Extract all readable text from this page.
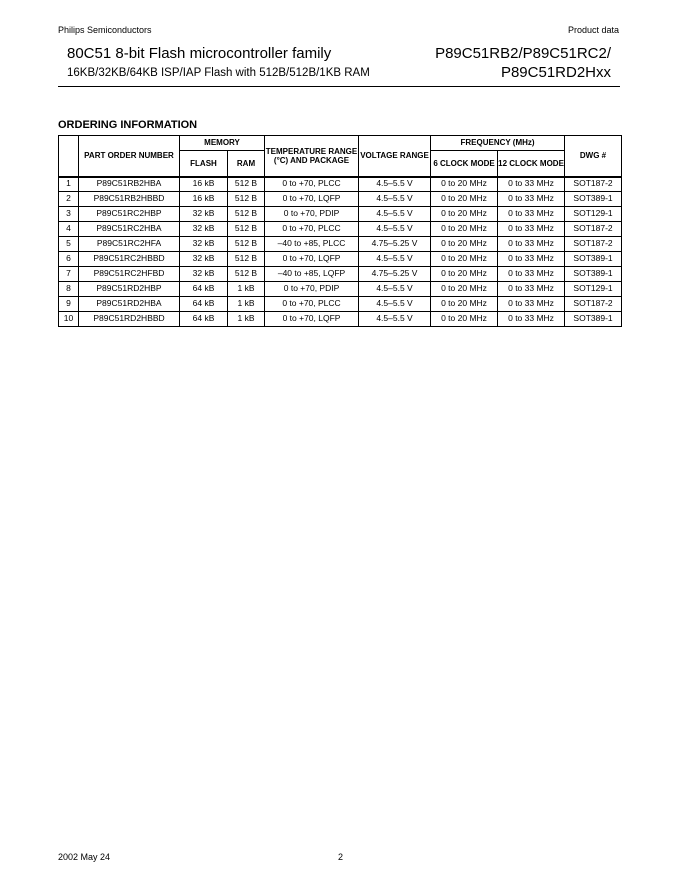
Philips Semiconductors	Product data
80C51 8-bit Flash microcontroller family
16KB/32KB/64KB ISP/IAP Flash with 512B/512B/1KB RAM
P89C51RB2/P89C51RC2/
P89C51RD2Hxx
ORDERING INFORMATION
	PART ORDER NUMBER	MEMORY		TEMPERATURE RANGE (°C) AND PACKAGE	VOLTAGE RANGE	FREQUENCY (MHz)		DWG #
		FLASH	RAM			6 CLOCK MODE	12 CLOCK MODE	
1	P89C51RB2HBA	16 kB	512 B	0 to +70, PLCC	4.5–5.5 V	0 to 20 MHz	0 to 33 MHz	SOT187-2
2	P89C51RB2HBBD	16 kB	512 B	0 to +70, LQFP	4.5–5.5 V	0 to 20 MHz	0 to 33 MHz	SOT389-1
3	P89C51RC2HBP	32 kB	512 B	0 to +70, PDIP	4.5–5.5 V	0 to 20 MHz	0 to 33 MHz	SOT129-1
4	P89C51RC2HBA	32 kB	512 B	0 to +70, PLCC	4.5–5.5 V	0 to 20 MHz	0 to 33 MHz	SOT187-2
5	P89C51RC2HFA	32 kB	512 B	–40 to +85, PLCC	4.75–5.25 V	0 to 20 MHz	0 to 33 MHz	SOT187-2
6	P89C51RC2HBBD	32 kB	512 B	0 to +70, LQFP	4.5–5.5 V	0 to 20 MHz	0 to 33 MHz	SOT389-1
7	P89C51RC2HFBD	32 kB	512 B	–40 to +85, LQFP	4.75–5.25 V	0 to 20 MHz	0 to 33 MHz	SOT389-1
8	P89C51RD2HBP	64 kB	1 kB	0 to +70, PDIP	4.5–5.5 V	0 to 20 MHz	0 to 33 MHz	SOT129-1
9	P89C51RD2HBA	64 kB	1 kB	0 to +70, PLCC	4.5–5.5 V	0 to 20 MHz	0 to 33 MHz	SOT187-2
10	P89C51RD2HBBD	64 kB	1 kB	0 to +70, LQFP	4.5–5.5 V	0 to 20 MHz	0 to 33 MHz	SOT389-1
2002 May 24	2
